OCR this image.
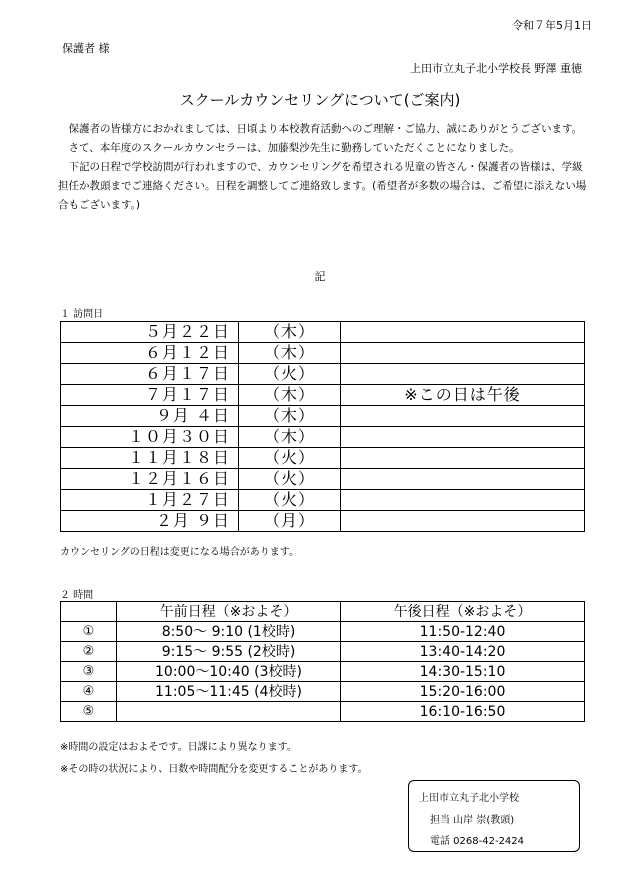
令和７年5月1日
保護者 様
上田市立丸子北小学校長 野澤 重徳
スクールカウンセリングについて(ご案内)

保護者の皆様方におかれましては、日頃より本校教育活動へのご理解・ご協力、誠にありがとうございます。

さて、本年度のスクールカウンセラーは、加藤梨沙先生に勤務していただくことになりました。

下記の日程で学校訪問が行われますので、カウンセリングを希望される児童の皆さん・保護者の皆様は、学級担任か教頭までご連絡ください。日程を調整してご連絡致します。(希望者が多数の場合は、ご希望に添えない場合もございます。)

記
１ 訪問日
５月２２日	（木）	
６月１２日	（木）	
６月１７日	（火）	
７月１７日	（木）	※この日は午後
９月 ４日	（木）	
１０月３０日	（木）	
１１月１８日	（火）	
１２月１６日	（火）	
１月２７日	（火）	
２月 ９日	（月）	
カウンセリングの日程は変更になる場合があります。
２ 時間
	午前日程（※およそ）	午後日程（※およそ）
①	8:50～ 9:10 (1校時)	11:50-12:40
②	9:15～ 9:55 (2校時)	13:40-14:20
③	10:00～10:40 (3校時)	14:30-15:10
④	11:05～11:45 (4校時)	15:20-16:00
⑤		16:10-16:50
※時間の設定はおよそです。日課により異なります。
※その時の状況により、日数や時間配分を変更することがあります。
上田市立丸子北小学校
担当 山岸 崇(教頭)
電話 0268-42-2424
